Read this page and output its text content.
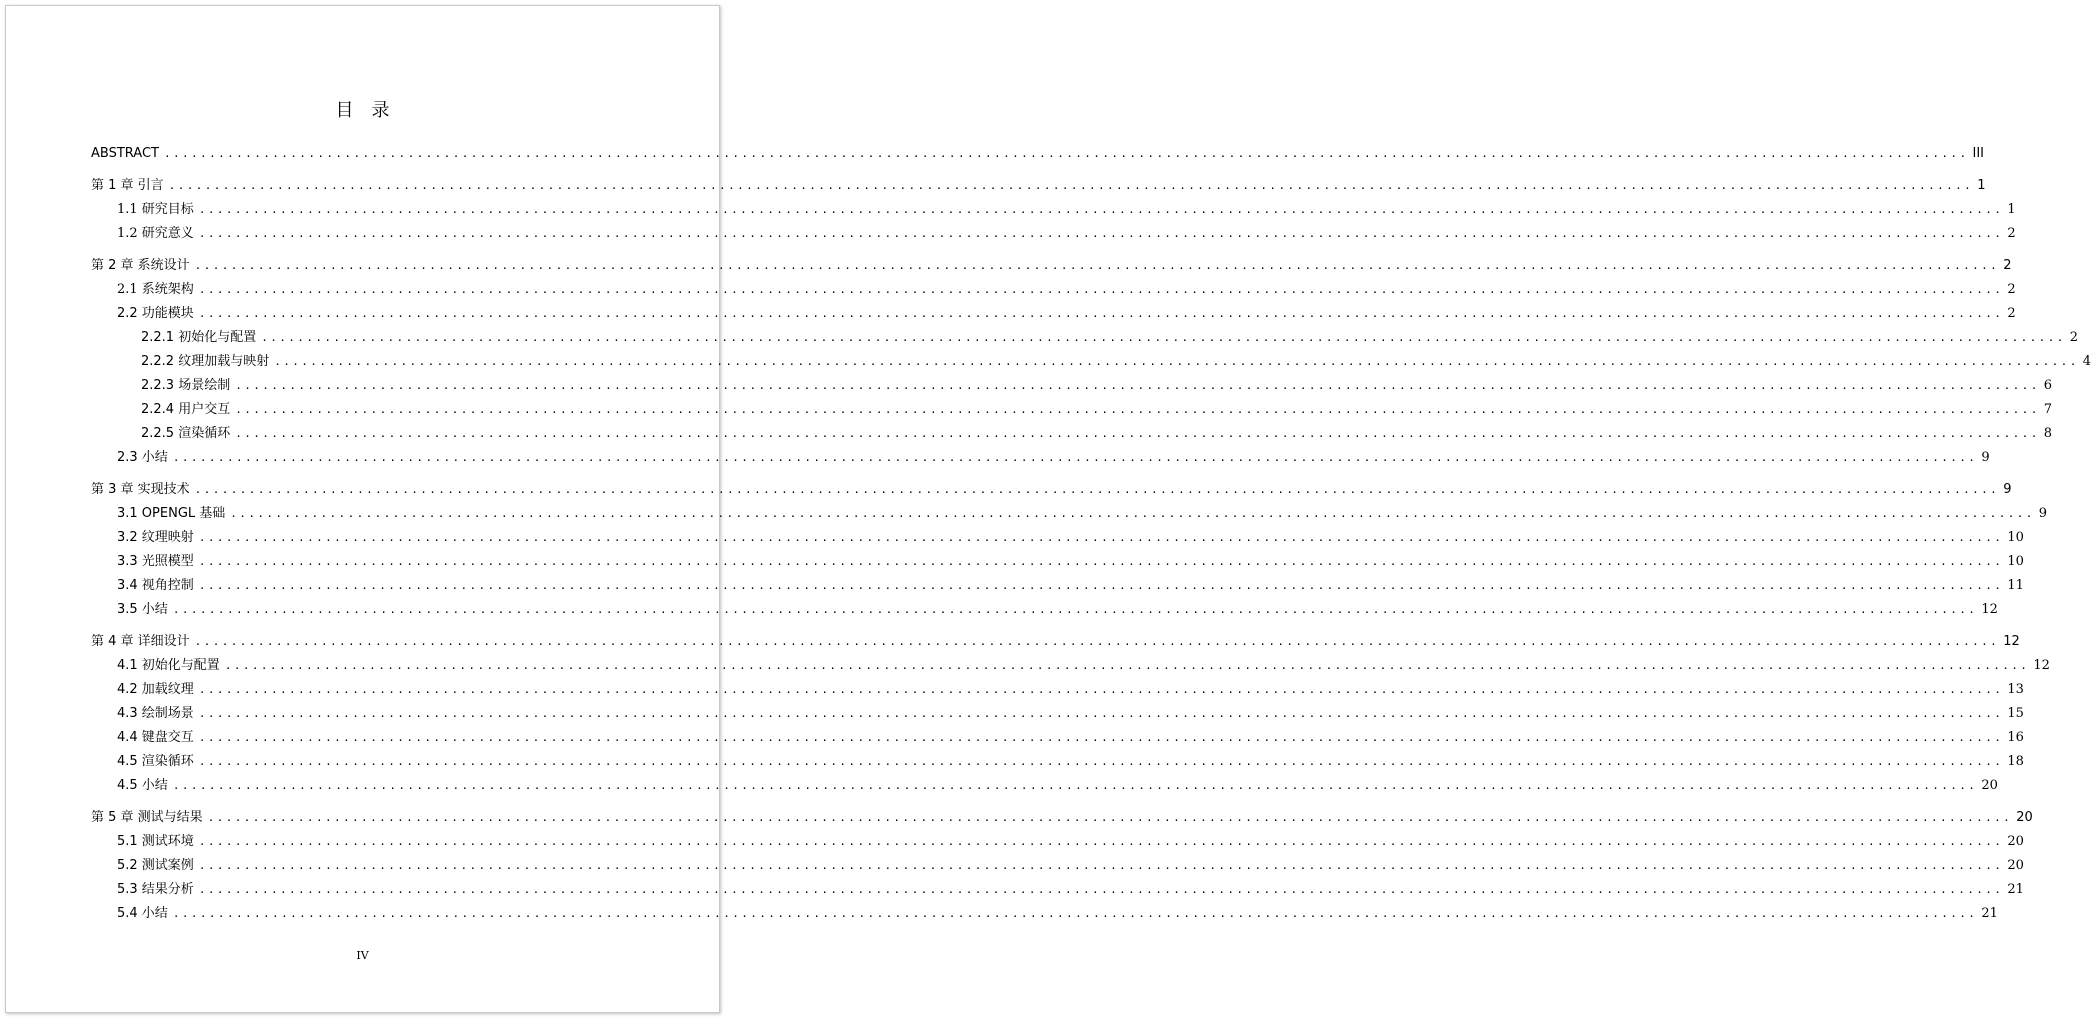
目　录
ABSTRACT ........................................................................................................................................................................................................ III
第 1 章 引言 ........................................................................................................................................................................................................ 1
1.1 研究目标 ........................................................................................................................................................................................................ 1
1.2 研究意义 ........................................................................................................................................................................................................ 2
第 2 章 系统设计 ........................................................................................................................................................................................................ 2
2.1 系统架构 ........................................................................................................................................................................................................ 2
2.2 功能模块 ........................................................................................................................................................................................................ 2
2.2.1 初始化与配置 ........................................................................................................................................................................................................ 2
2.2.2 纹理加载与映射 ........................................................................................................................................................................................................ 4
2.2.3 场景绘制 ........................................................................................................................................................................................................ 6
2.2.4 用户交互 ........................................................................................................................................................................................................ 7
2.2.5 渲染循环 ........................................................................................................................................................................................................ 8
2.3 小结 ........................................................................................................................................................................................................ 9
第 3 章 实现技术 ........................................................................................................................................................................................................ 9
3.1 OPENGL 基础 ........................................................................................................................................................................................................ 9
3.2 纹理映射 ........................................................................................................................................................................................................ 10
3.3 光照模型 ........................................................................................................................................................................................................ 10
3.4 视角控制 ........................................................................................................................................................................................................ 11
3.5 小结 ........................................................................................................................................................................................................ 12
第 4 章 详细设计 ........................................................................................................................................................................................................ 12
4.1 初始化与配置 ........................................................................................................................................................................................................ 12
4.2 加载纹理 ........................................................................................................................................................................................................ 13
4.3 绘制场景 ........................................................................................................................................................................................................ 15
4.4 键盘交互 ........................................................................................................................................................................................................ 16
4.5 渲染循环 ........................................................................................................................................................................................................ 18
4.5 小结 ........................................................................................................................................................................................................ 20
第 5 章 测试与结果 ........................................................................................................................................................................................................ 20
5.1 测试环境 ........................................................................................................................................................................................................ 20
5.2 测试案例 ........................................................................................................................................................................................................ 20
5.3 结果分析 ........................................................................................................................................................................................................ 21
5.4 小结 ........................................................................................................................................................................................................ 21
IV
